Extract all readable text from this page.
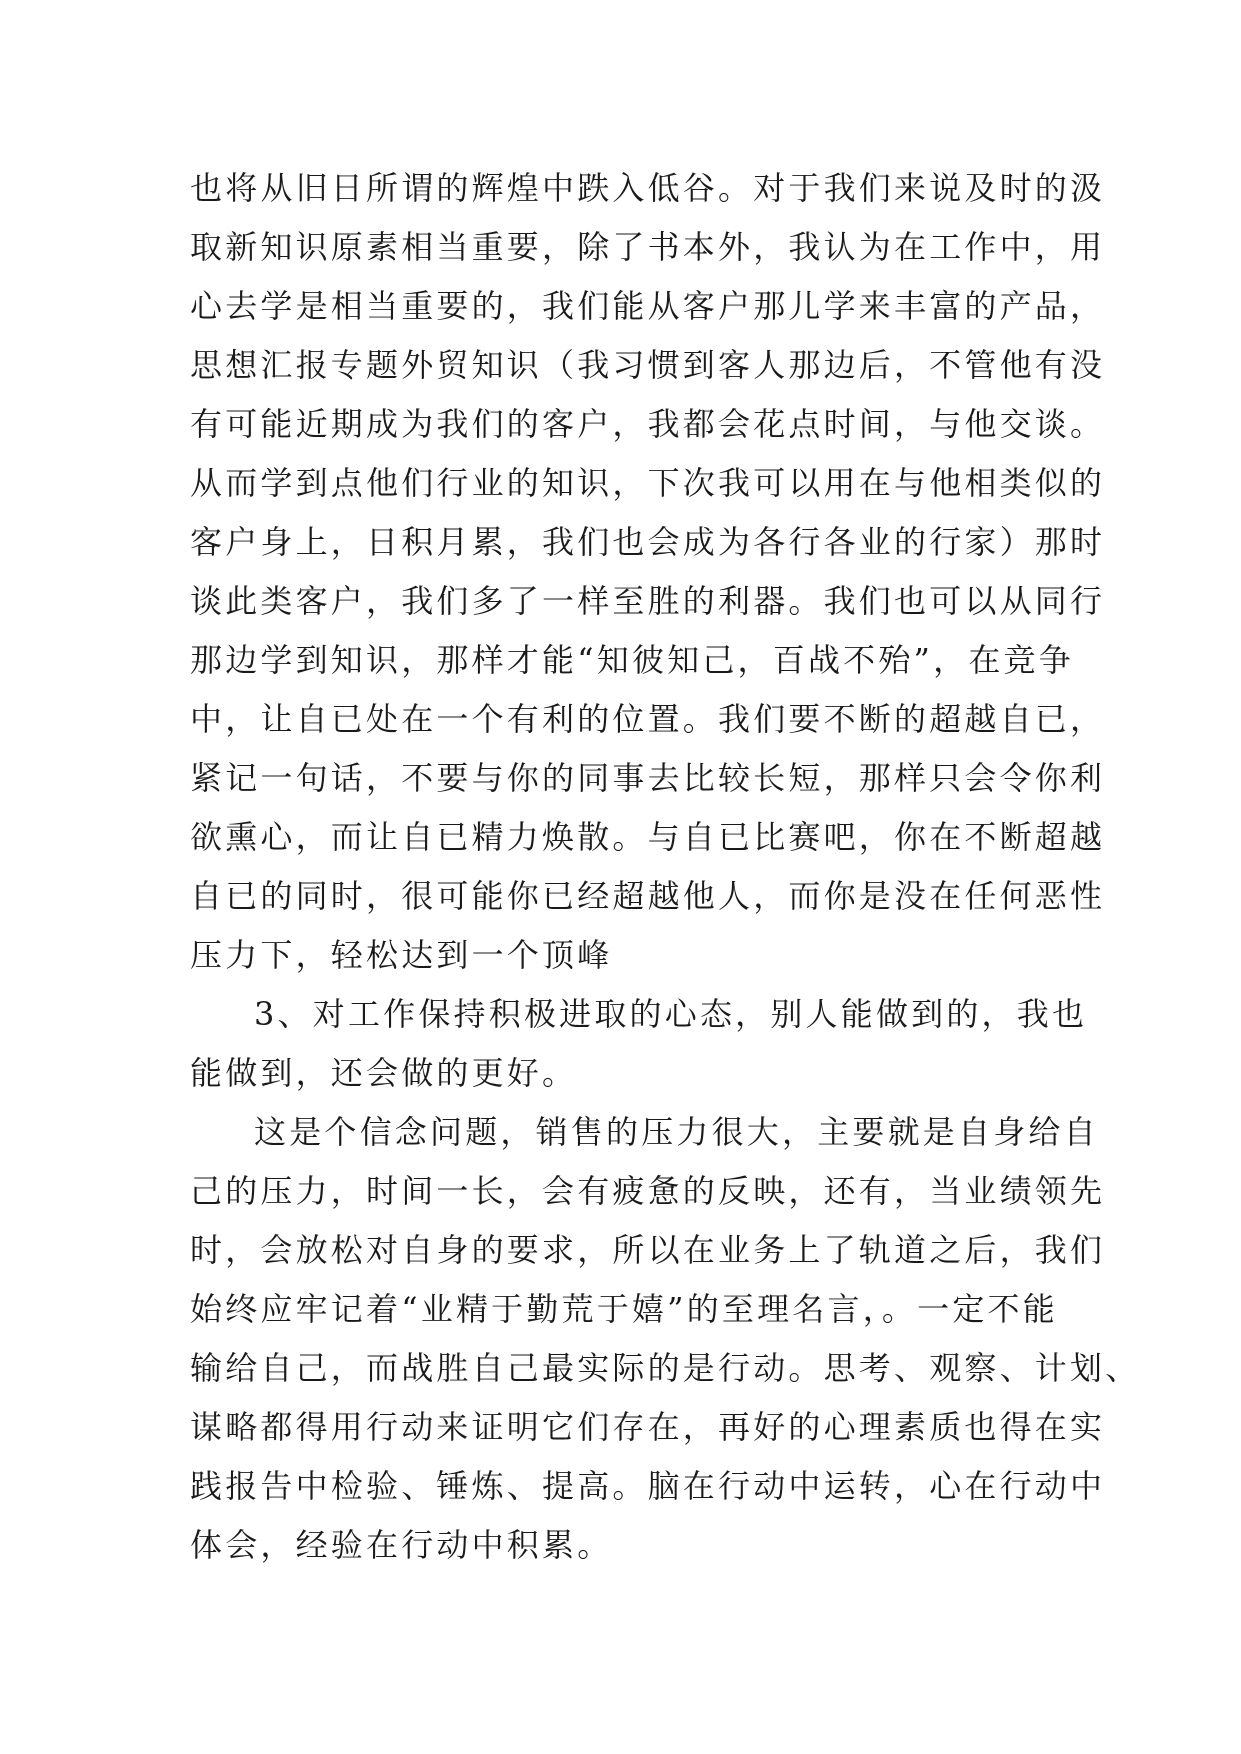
也将从旧日所谓的辉煌中跌入低谷。对于我们来说及时的汲
取新知识原素相当重要，除了书本外，我认为在工作中，用
心去学是相当重要的，我们能从客户那儿学来丰富的产品，
思想汇报专题外贸知识（我习惯到客人那边后，不管他有没
有可能近期成为我们的客户，我都会花点时间，与他交谈。
从而学到点他们行业的知识，下次我可以用在与他相类似的
客户身上，日积月累，我们也会成为各行各业的行家）那时
谈此类客户，我们多了一样至胜的利器。我们也可以从同行
那边学到知识，那样才能“知彼知己，百战不殆”，在竞争
中，让自已处在一个有利的位置。我们要不断的超越自已，
紧记一句话，不要与你的同事去比较长短，那样只会令你利
欲熏心，而让自已精力焕散。与自已比赛吧，你在不断超越
自已的同时，很可能你已经超越他人，而你是没在任何恶性
压力下，轻松达到一个顶峰
3、对工作保持积极进取的心态，别人能做到的，我也
能做到，还会做的更好。
这是个信念问题，销售的压力很大，主要就是自身给自
己的压力，时间一长，会有疲惫的反映，还有，当业绩领先
时，会放松对自身的要求，所以在业务上了轨道之后，我们
始终应牢记着“业精于勤荒于嬉”的至理名言，。一定不能
输给自己，而战胜自己最实际的是行动。思考、观察、计划、
谋略都得用行动来证明它们存在，再好的心理素质也得在实
践报告中检验、锤炼、提高。脑在行动中运转，心在行动中
体会，经验在行动中积累。
